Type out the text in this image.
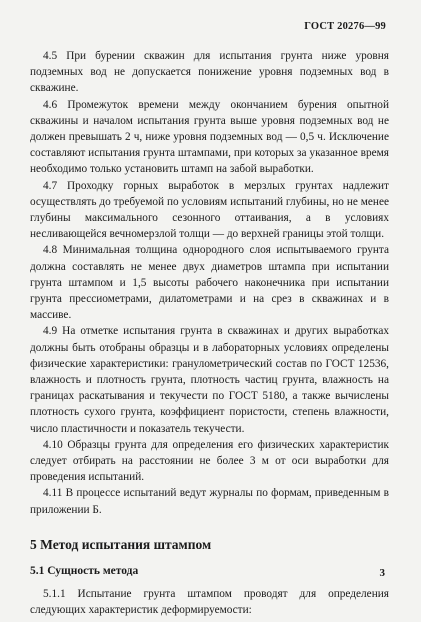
ГОСТ 20276—99

4.5 При бурении скважин для испытания грунта ниже уровня подземных вод не допускается понижение уровня подземных вод в скважине.

4.6 Промежуток времени между окончанием бурения опытной скважины и началом испытания грунта выше уровня подземных вод не должен превышать 2 ч, ниже уровня подземных вод — 0,5 ч. Исключение составляют испытания грунта штампами, при которых за указанное время необходимо только установить штамп на забой выработки.

4.7 Проходку горных выработок в мерзлых грунтах надлежит осуществлять до требуемой по условиям испытаний глубины, но не менее глубины максимального сезонного оттаивания, а в условиях несливающейся вечномерзлой толщи — до верхней границы этой толщи.

4.8 Минимальная толщина однородного слоя испытываемого грунта должна составлять не менее двух диаметров штампа при испытании грунта штампом и 1,5 высоты рабочего наконечника при испытании грунта прессиометрами, дилатометрами и на срез в скважинах и в массиве.

4.9 На отметке испытания грунта в скважинах и других выработках должны быть отобраны образцы и в лабораторных условиях определены физические характеристики: гранулометрический состав по ГОСТ 12536, влажность и плотность грунта, плотность частиц грунта, влажность на границах раскатывания и текучести по ГОСТ 5180, а также вычислены плотность сухого грунта, коэффициент пористости, степень влажности, число пластичности и показатель текучести.

4.10 Образцы грунта для определения его физических характеристик следует отбирать на расстоянии не более 3 м от оси выработки для проведения испытаний.

4.11 В процессе испытаний ведут журналы по формам, приведенным в приложении Б.

5 Метод испытания штампом
5.1 Сущность метода

5.1.1 Испытание грунта штампом проводят для определения следующих характеристик деформируемости:

3
